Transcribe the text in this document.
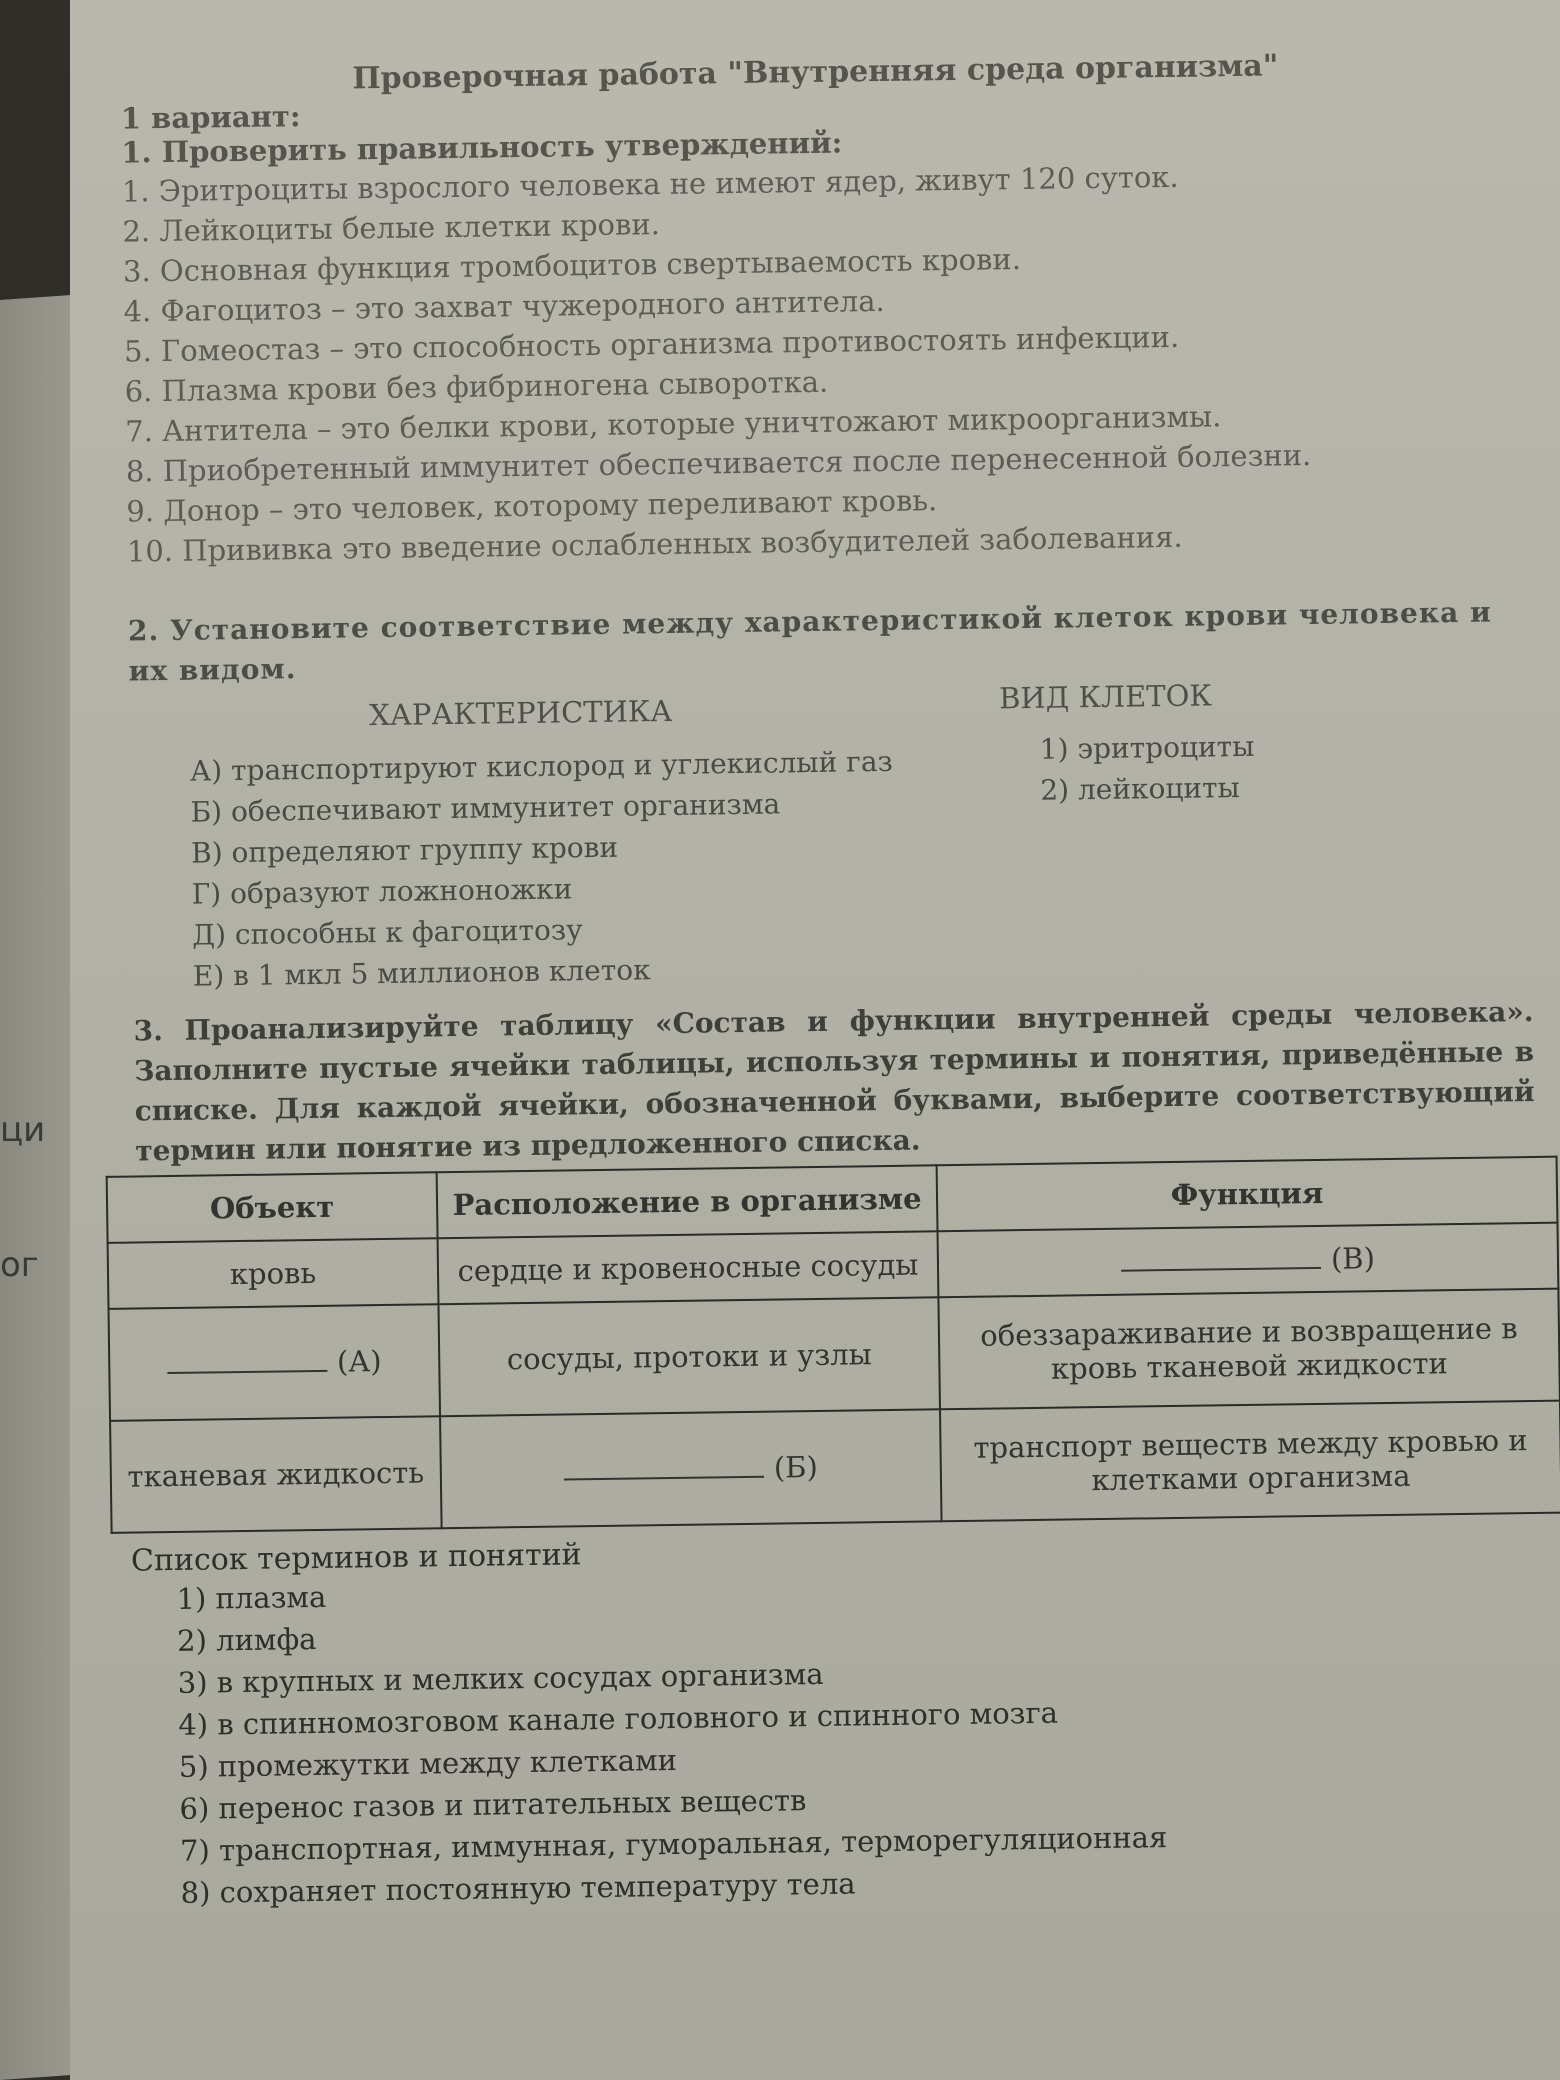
ци
ог
Проверочная работа "Внутренняя среда организма"
1 вариант:
1. Проверить правильность утверждений:
1. Эритроциты взрослого человека не имеют ядер, живут 120 суток.
2. Лейкоциты белые клетки крови.
3. Основная функция тромбоцитов свертываемость крови.
4. Фагоцитоз – это захват чужеродного антитела.
5. Гомеостаз – это способность организма противостоять инфекции.
6. Плазма крови без фибриногена сыворотка.
7. Антитела – это белки крови, которые уничтожают микроорганизмы.
8. Приобретенный иммунитет обеспечивается после перенесенной болезни.
9. Донор – это человек, которому переливают кровь.
10. Прививка это введение ослабленных возбудителей заболевания.
2. Установите соответствие между характеристикой клеток крови человека и их видом.
ХАРАКТЕРИСТИКА	ВИД КЛЕТОК
А) транспортируют кислород и углекислый газ
Б) обеспечивают иммунитет организма
В) определяют группу крови
Г) образуют ложноножки
Д) способны к фагоцитозу
Е) в 1 мкл 5 миллионов клеток
1) эритроциты
2) лейкоциты
3. Проанализируйте таблицу «Состав и функции внутренней среды человека». Заполните пустые ячейки таблицы, используя термины и понятия, приведённые в списке. Для каждой ячейки, обозначенной буквами, выберите соответствующий термин или понятие из предложенного списка.
Объект	Расположение в организме	Функция
кровь	сердце и кровеносные сосуды	(В)
(А)	сосуды, протоки и узлы	обеззараживание и возвращение в кровь тканевой жидкости
тканевая жидкость	(Б)	транспорт веществ между кровью и клетками организма
Список терминов и понятий
1) плазма
2) лимфа
3) в крупных и мелких сосудах организма
4) в спинномозговом канале головного и спинного мозга
5) промежутки между клетками
6) перенос газов и питательных веществ
7) транспортная, иммунная, гуморальная, терморегуляционная
8) сохраняет постоянную температуру тела
